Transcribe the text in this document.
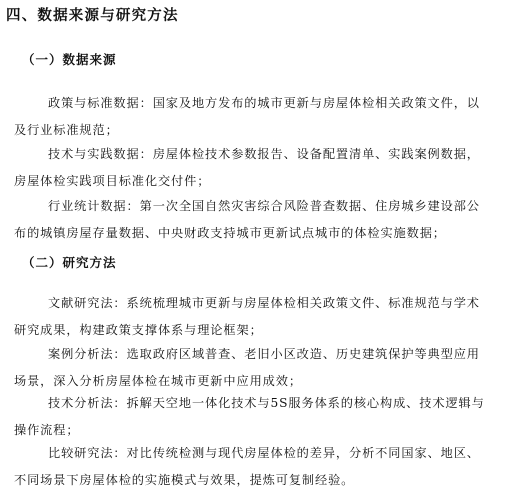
四、数据来源与研究方法
（一）数据来源
政策与标准数据：国家及地方发布的城市更新与房屋体检相关政策文件，以
及行业标准规范；
技术与实践数据：房屋体检技术参数报告、设备配置清单、实践案例数据，
房屋体检实践项目标准化交付件；
行业统计数据：第一次全国自然灾害综合风险普查数据、住房城乡建设部公
布的城镇房屋存量数据、中央财政支持城市更新试点城市的体检实施数据；
（二）研究方法
文献研究法：系统梳理城市更新与房屋体检相关政策文件、标准规范与学术
研究成果，构建政策支撑体系与理论框架；
案例分析法：选取政府区域普查、老旧小区改造、历史建筑保护等典型应用
场景，深入分析房屋体检在城市更新中应用成效；
技术分析法：拆解天空地一体化技术与5S服务体系的核心构成、技术逻辑与
操作流程；
比较研究法：对比传统检测与现代房屋体检的差异，分析不同国家、地区、
不同场景下房屋体检的实施模式与效果，提炼可复制经验。
